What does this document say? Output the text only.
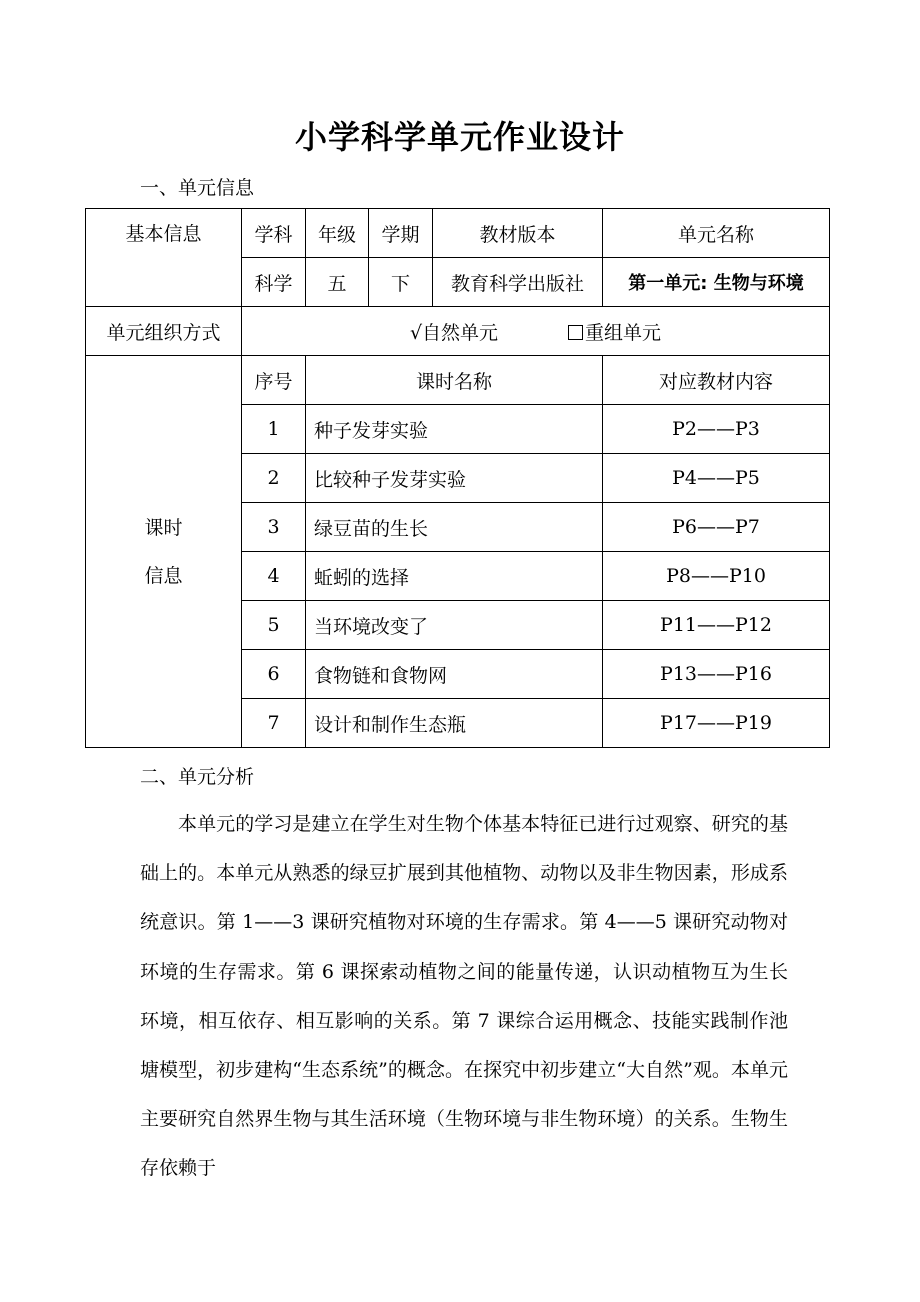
小学科学单元作业设计
一、单元信息
基本信息	学科	年级	学期	教材版本	单元名称
	科学	五	下	教育科学出版社	第一单元: 生物与环境
单元组织方式	√自然单元 重组单元				

课时
信息	序号	课时名称			对应教材内容
	1	种子发芽实验			P2——P3
	2	比较种子发芽实验			P4——P5
	3	绿豆苗的生长			P6——P7
	4	蚯蚓的选择			P8——P10
	5	当环境改变了			P11——P12
	6	食物链和食物网			P13——P16
	7	设计和制作生态瓶			P17——P19
二、单元分析

本单元的学习是建立在学生对生物个体基本特征已进行过观察、研究的基础上的。本单元从熟悉的绿豆扩展到其他植物、动物以及非生物因素，形成系统意识。第 1——3 课研究植物对环境的生存需求。第 4——5 课研究动物对环境的生存需求。第 6 课探索动植物之间的能量传递，认识动植物互为生长环境，相互依存、相互影响的关系。第 7 课综合运用概念、技能实践制作池塘模型，初步建构“生态系统”的概念。在探究中初步建立“大自然”观。本单元主要研究自然界生物与其生活环境（生物环境与非生物环境）的关系。生物生存依赖于
